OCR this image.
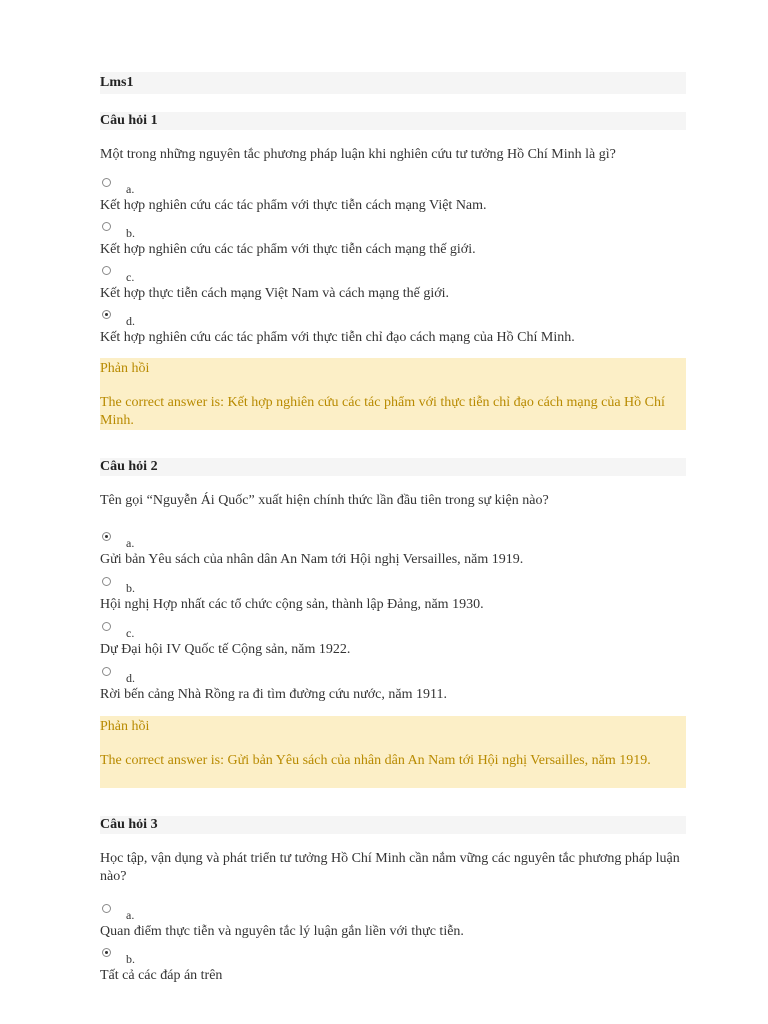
Lms1
Câu hỏi 1
Một trong những nguyên tắc phương pháp luận khi nghiên cứu tư tưởng Hồ Chí Minh là gì?
a.
Kết hợp nghiên cứu các tác phẩm với thực tiễn cách mạng Việt Nam.
b.
Kết hợp nghiên cứu các tác phẩm với thực tiễn cách mạng thế giới.
c.
Kết hợp thực tiễn cách mạng Việt Nam và cách mạng thế giới.
d.
Kết hợp nghiên cứu các tác phẩm với thực tiễn chỉ đạo cách mạng của Hồ Chí Minh.
Phản hồi
The correct answer is: Kết hợp nghiên cứu các tác phẩm với thực tiễn chỉ đạo cách mạng của Hồ Chí Minh.
Câu hỏi 2
Tên gọi “Nguyễn Ái Quốc” xuất hiện chính thức lần đầu tiên trong sự kiện nào?
a.
Gửi bản Yêu sách của nhân dân An Nam tới Hội nghị Versailles, năm 1919.
b.
Hội nghị Hợp nhất các tổ chức cộng sản, thành lập Đảng, năm 1930.
c.
Dự Đại hội IV Quốc tế Cộng sản, năm 1922.
d.
Rời bến cảng Nhà Rồng ra đi tìm đường cứu nước, năm 1911.
Phản hồi
The correct answer is: Gửi bản Yêu sách của nhân dân An Nam tới Hội nghị Versailles, năm 1919.
Câu hỏi 3
Học tập, vận dụng và phát triển tư tưởng Hồ Chí Minh cần nắm vững các nguyên tắc phương pháp luận nào?
a.
Quan điểm thực tiễn và nguyên tắc lý luận gắn liền với thực tiễn.
b.
Tất cả các đáp án trên
